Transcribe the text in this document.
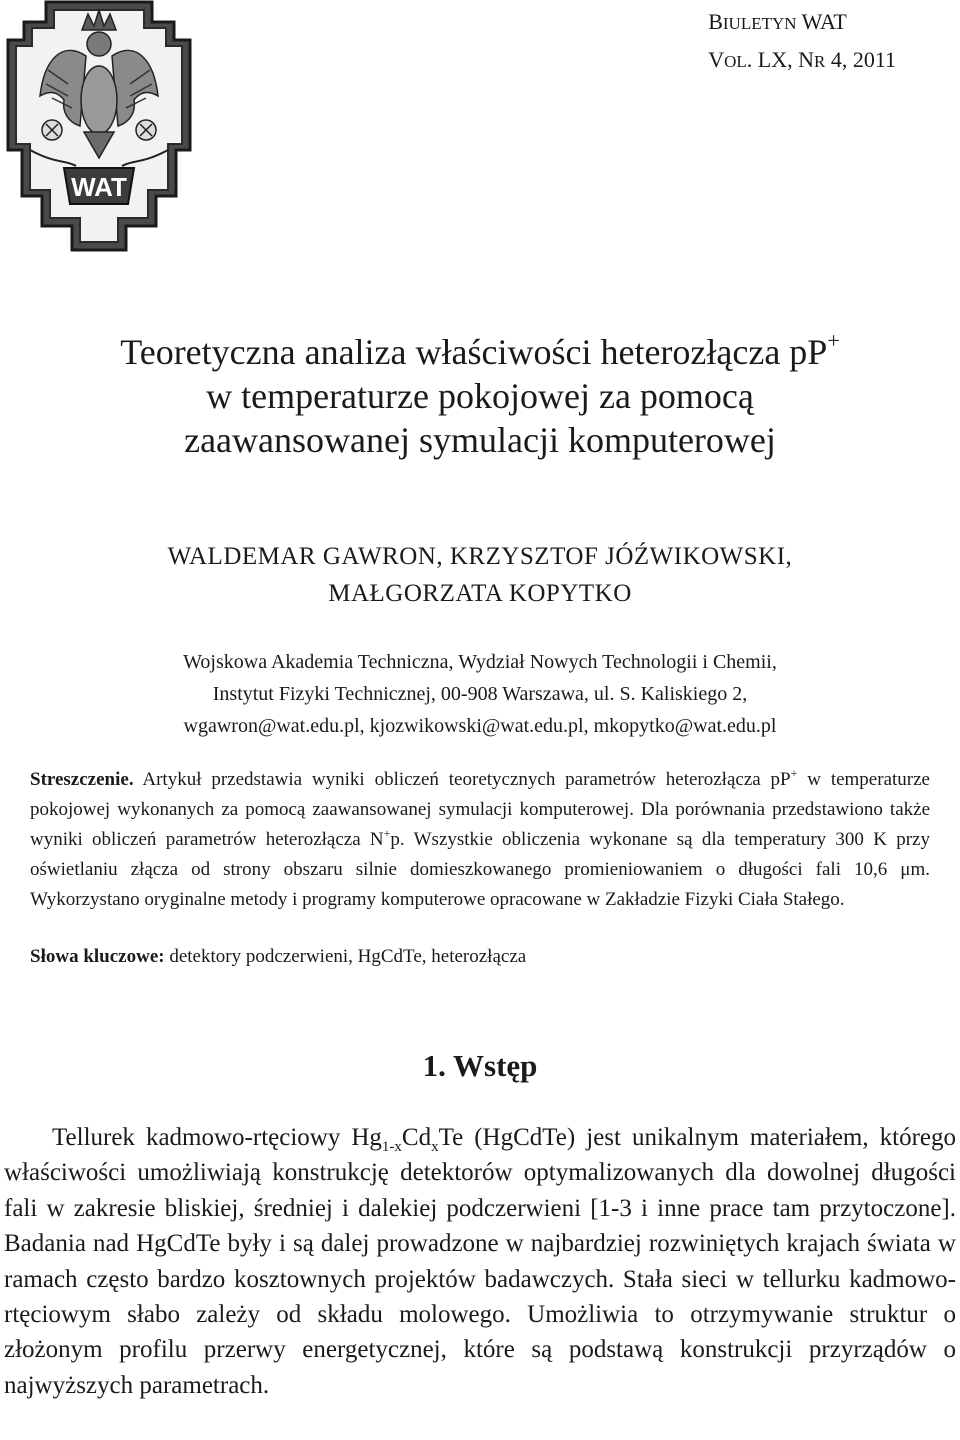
WAT
BIULETYN WAT
VOL. LX, NR 4, 2011
Teoretyczna analiza właściwości heterozłącza pP+
w temperaturze pokojowej za pomocą
zaawansowanej symulacji komputerowej
WALDEMAR GAWRON, KRZYSZTOF JÓŹWIKOWSKI,
MAŁGORZATA KOPYTKO
Wojskowa Akademia Techniczna, Wydział Nowych Technologii i Chemii,
Instytut Fizyki Technicznej, 00-908 Warszawa, ul. S. Kaliskiego 2,
wgawron@wat.edu.pl, kjozwikowski@wat.edu.pl, mkopytko@wat.edu.pl
Streszczenie. Artykuł przedstawia wyniki obliczeń teoretycznych parametrów heterozłącza pP+ w temperaturze pokojowej wykonanych za pomocą zaawansowanej symulacji komputerowej. Dla porównania przedstawiono także wyniki obliczeń parametrów heterozłącza N+p. Wszystkie obliczenia wykonane są dla temperatury 300 K przy oświetlaniu złącza od strony obszaru silnie domieszkowanego promieniowaniem o długości fali 10,6 μm. Wykorzystano oryginalne metody i programy komputerowe opracowane w Zakładzie Fizyki Ciała Stałego.
Słowa kluczowe: detektory podczerwieni, HgCdTe, heterozłącza
1. Wstęp
Tellurek kadmowo-rtęciowy $Hg_{1-x}Cd_xTe$ (HgCdTe) jest unikalnym materiałem, którego właściwości umożliwiają konstrukcję detektorów optymalizowanych dla dowolnej długości fali w zakresie bliskiej, średniej i dalekiej podczerwieni [1-3 i inne prace tam przytoczone]. Badania nad HgCdTe były i są dalej prowadzone w najbardziej rozwiniętych krajach świata w ramach często bardzo kosztownych projektów badawczych. Stała sieci w tellurku kadmowo-rtęciowym słabo zależy od składu molowego. Umożliwia to otrzymywanie struktur o złożonym profilu przerwy energetycznej, które są podstawą konstrukcji przyrządów o najwyższych parametrach.
